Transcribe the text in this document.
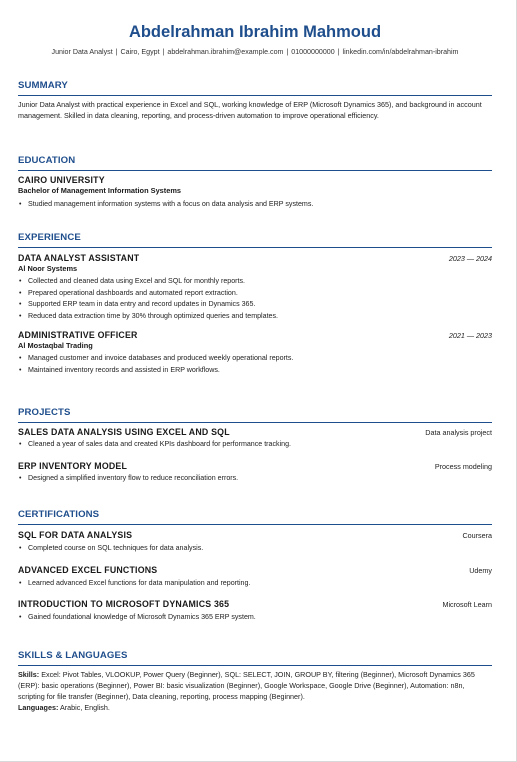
Abdelrahman Ibrahim Mahmoud
Junior Data Analyst | Cairo, Egypt | abdelrahman.ibrahim@example.com | 01000000000 | linkedin.com/in/abdelrahman-ibrahim
SUMMARY
Junior Data Analyst with practical experience in Excel and SQL, working knowledge of ERP (Microsoft Dynamics 365), and background in account management. Skilled in data cleaning, reporting, and process-driven automation to improve operational efficiency.
EDUCATION
CAIRO UNIVERSITY
Bachelor of Management Information Systems
• Studied management information systems with a focus on data analysis and ERP systems.
EXPERIENCE
DATA ANALYST ASSISTANT	2023 — 2024
Al Noor Systems
• Collected and cleaned data using Excel and SQL for monthly reports.
• Prepared operational dashboards and automated report extraction.
• Supported ERP team in data entry and record updates in Dynamics 365.
• Reduced data extraction time by 30% through optimized queries and templates.
ADMINISTRATIVE OFFICER	2021 — 2023
Al Mostaqbal Trading
• Managed customer and invoice databases and produced weekly operational reports.
• Maintained inventory records and assisted in ERP workflows.
PROJECTS
SALES DATA ANALYSIS USING EXCEL AND SQL	Data analysis project
• Cleaned a year of sales data and created KPIs dashboard for performance tracking.
ERP INVENTORY MODEL	Process modeling
• Designed a simplified inventory flow to reduce reconciliation errors.
CERTIFICATIONS
SQL FOR DATA ANALYSIS	Coursera
• Completed course on SQL techniques for data analysis.
ADVANCED EXCEL FUNCTIONS	Udemy
• Learned advanced Excel functions for data manipulation and reporting.
INTRODUCTION TO MICROSOFT DYNAMICS 365	Microsoft Learn
• Gained foundational knowledge of Microsoft Dynamics 365 ERP system.
SKILLS & LANGUAGES
Skills: Excel: Pivot Tables, VLOOKUP, Power Query (Beginner), SQL: SELECT, JOIN, GROUP BY, filtering (Beginner), Microsoft Dynamics 365 (ERP): basic operations (Beginner), Power BI: basic visualization (Beginner), Google Workspace, Google Drive (Beginner), Automation: n8n, scripting for file transfer (Beginner), Data cleaning, reporting, process mapping (Beginner).
Languages: Arabic, English.
